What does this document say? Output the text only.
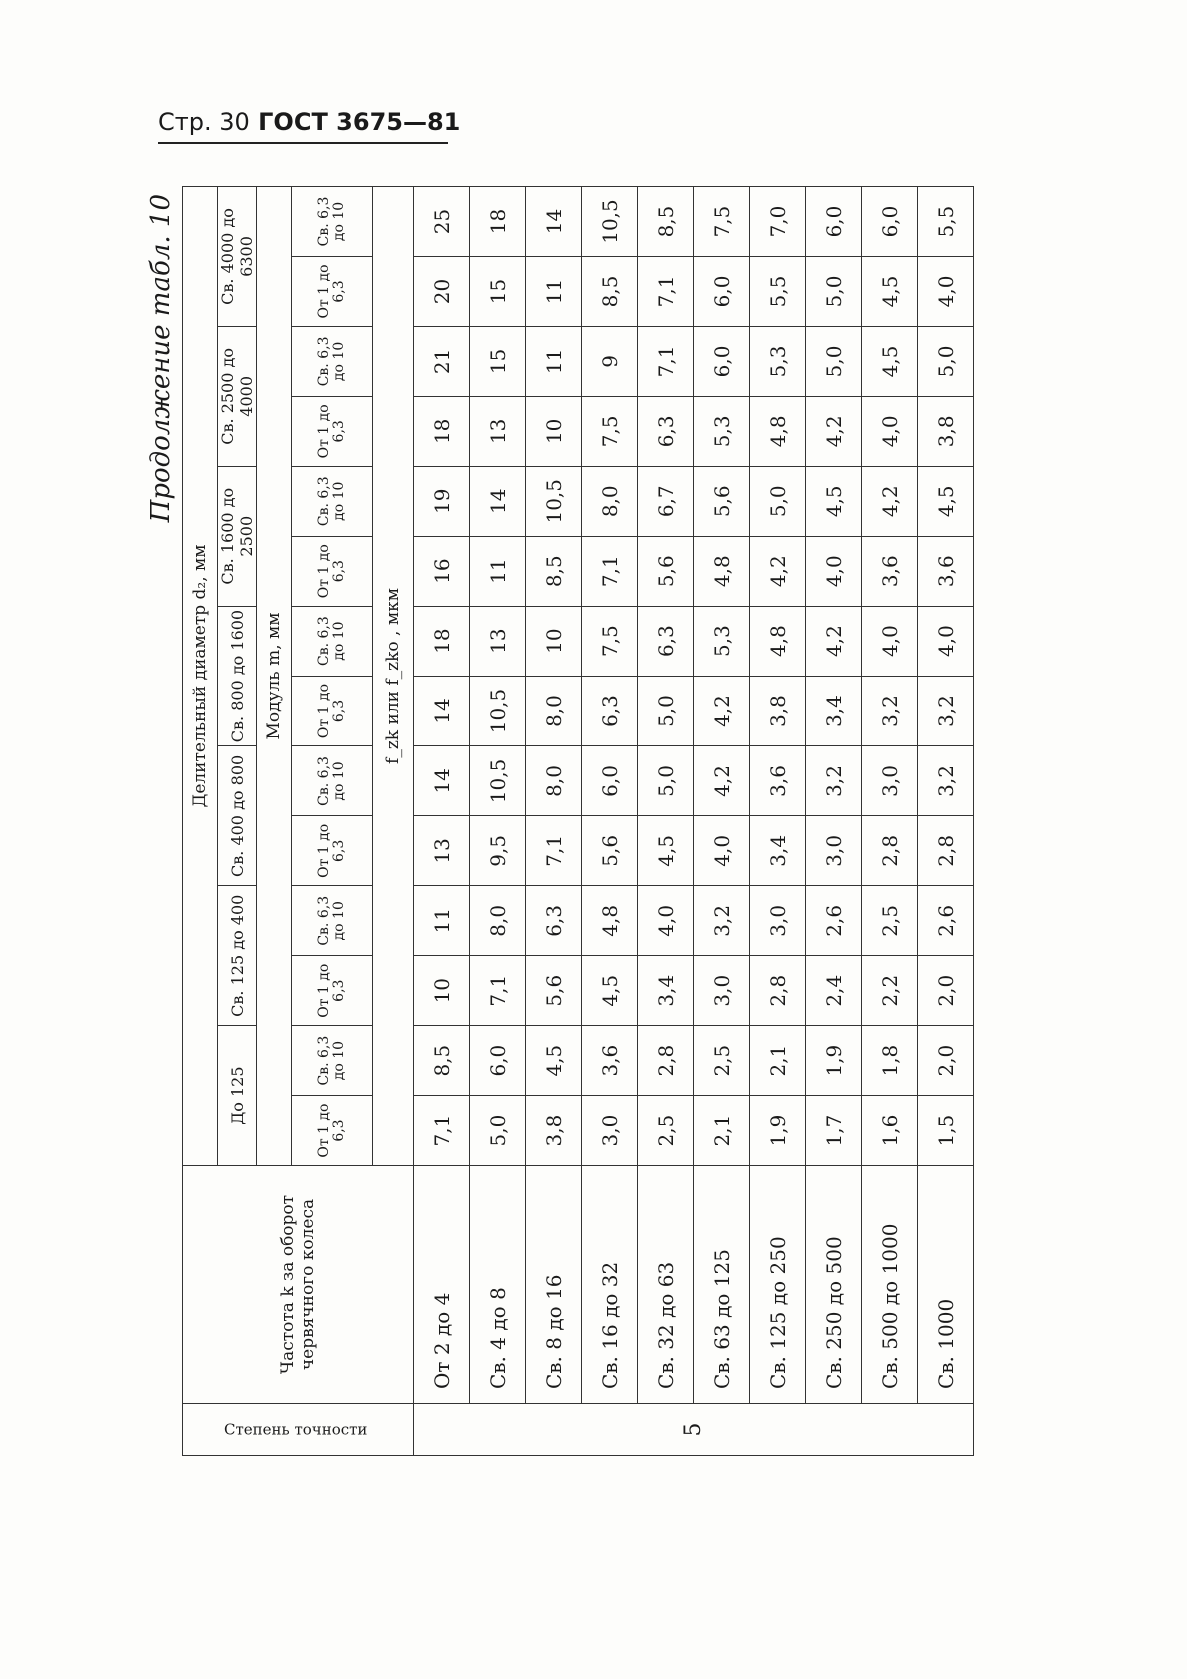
Стр. 30 ГОСТ 3675—81
Продолжение табл. 10
Степень точности	Частота k за оборот червячного колеса	Делительный диаметр d₂, мм													
		До 125		Св. 125 до 400		Св. 400 до 800		Св. 800 до 1600		Св. 1600 до 2500		Св. 2500 до 4000		Св. 4000 до 6300	
		Модуль m, мм													
		От 1 до 6,3	Св. 6,3 до 10	От 1 до 6,3	Св. 6,3 до 10	От 1 до 6,3	Св. 6,3 до 10	От 1 до 6,3	Св. 6,3 до 10	От 1 до 6,3	Св. 6,3 до 10	От 1 до 6,3	Св. 6,3 до 10	От 1 до 6,3	Св. 6,3 до 10
		f_zk или f_zko , мкм													
5	От 2 до 4	7,1	8,5	10	11	13	14	14	18	16	19	18	21	20	25
	Св. 4 до 8	5,0	6,0	7,1	8,0	9,5	10,5	10,5	13	11	14	13	15	15	18
	Св. 8 до 16	3,8	4,5	5,6	6,3	7,1	8,0	8,0	10	8,5	10,5	10	11	11	14
	Св. 16 до 32	3,0	3,6	4,5	4,8	5,6	6,0	6,3	7,5	7,1	8,0	7,5	9	8,5	10,5
	Св. 32 до 63	2,5	2,8	3,4	4,0	4,5	5,0	5,0	6,3	5,6	6,7	6,3	7,1	7,1	8,5
	Св. 63 до 125	2,1	2,5	3,0	3,2	4,0	4,2	4,2	5,3	4,8	5,6	5,3	6,0	6,0	7,5
	Св. 125 до 250	1,9	2,1	2,8	3,0	3,4	3,6	3,8	4,8	4,2	5,0	4,8	5,3	5,5	7,0
	Св. 250 до 500	1,7	1,9	2,4	2,6	3,0	3,2	3,4	4,2	4,0	4,5	4,2	5,0	5,0	6,0
	Св. 500 до 1000	1,6	1,8	2,2	2,5	2,8	3,0	3,2	4,0	3,6	4,2	4,0	4,5	4,5	6,0
	Св. 1000	1,5	2,0	2,0	2,6	2,8	3,2	3,2	4,0	3,6	4,5	3,8	5,0	4,0	5,5
